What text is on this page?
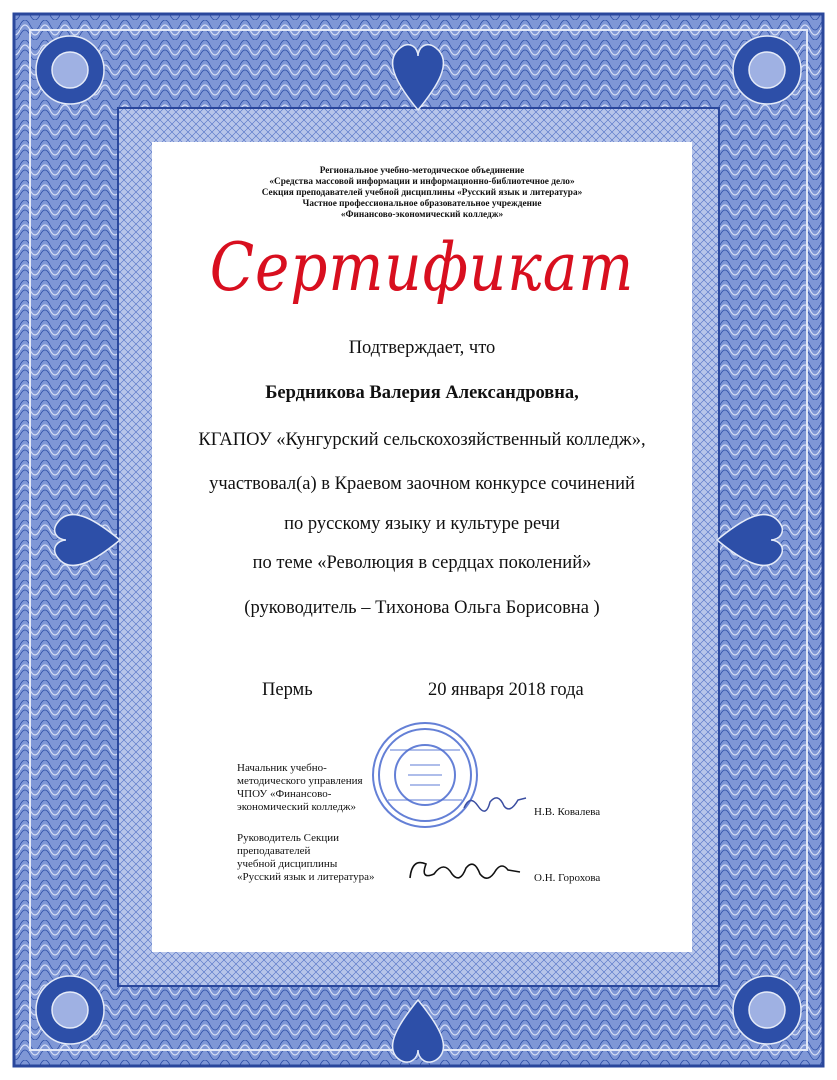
Региональное учебно-методическое объединение
«Средства массовой информации и информационно-библиотечное дело»
Секция преподавателей учебной дисциплины «Русский язык и литература»
Частное профессиональное образовательное учреждение
«Финансово-экономический колледж»
Сертификат
Подтверждает, что
Бердникова Валерия Александровна,
КГАПОУ «Кунгурский сельскохозяйственный колледж»,
участвовал(а) в Краевом заочном конкурсе сочинений
по русскому языку и культуре речи
по теме «Революция в сердцах поколений»
(руководитель – Тихонова Ольга Борисовна )
Пермь	20 января 2018 года
Начальник учебно-
методического управления
ЧПОУ «Финансово-
экономический колледж»	Н.В. Ковалева
Руководитель Секции
преподавателей
учебной дисциплины
«Русский язык и литература»	О.Н. Горохова
